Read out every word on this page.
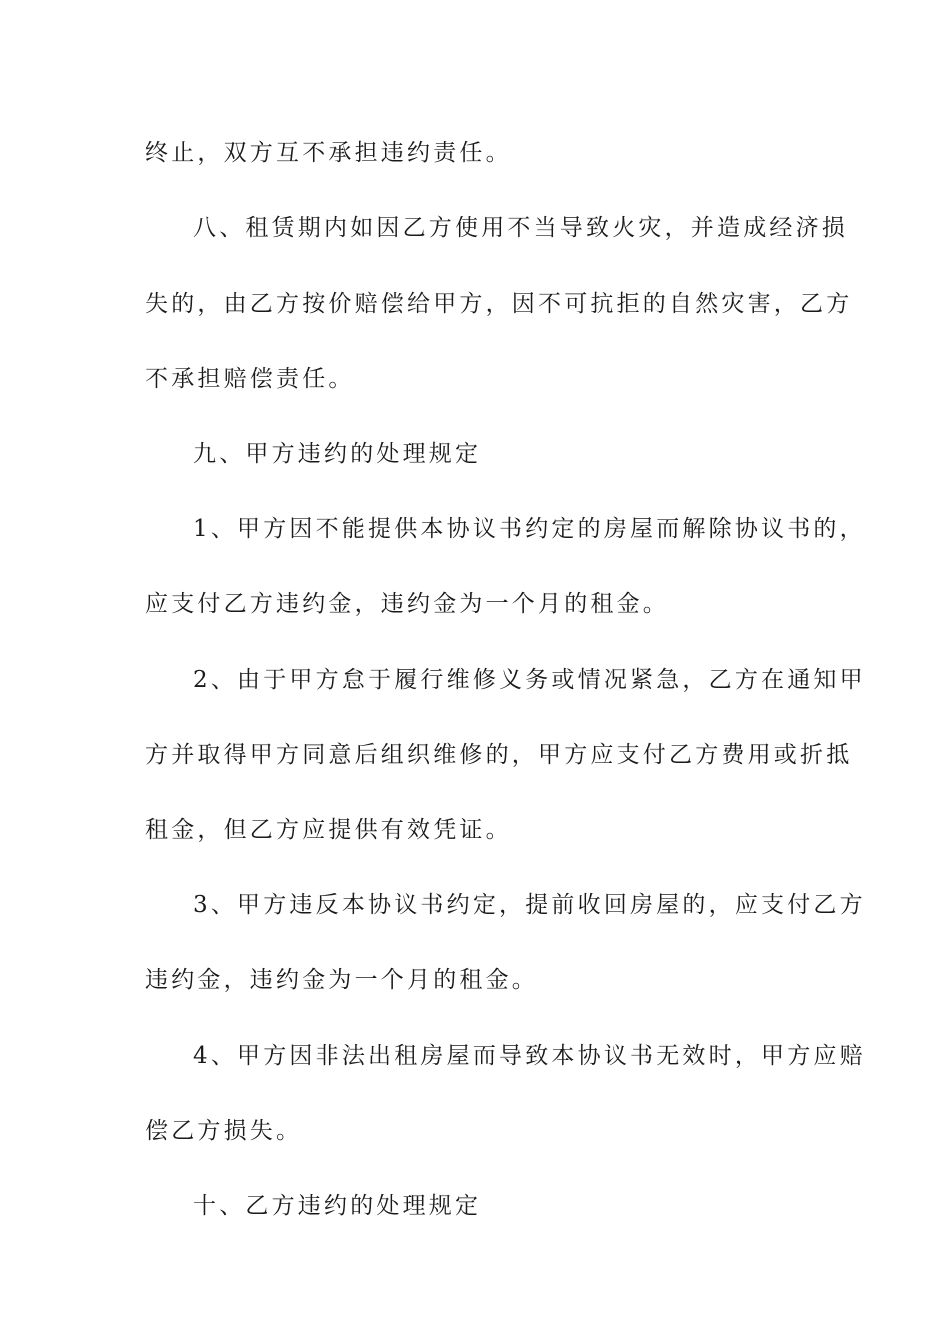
终止，双方互不承担违约责任。
八、租赁期内如因乙方使用不当导致火灾，并造成经济损
失的，由乙方按价赔偿给甲方，因不可抗拒的自然灾害，乙方
不承担赔偿责任。
九、甲方违约的处理规定
1、甲方因不能提供本协议书约定的房屋而解除协议书的，
应支付乙方违约金，违约金为一个月的租金。
2、由于甲方怠于履行维修义务或情况紧急，乙方在通知甲
方并取得甲方同意后组织维修的，甲方应支付乙方费用或折抵
租金，但乙方应提供有效凭证。
3、甲方违反本协议书约定，提前收回房屋的，应支付乙方
违约金，违约金为一个月的租金。
4、甲方因非法出租房屋而导致本协议书无效时，甲方应赔
偿乙方损失。
十、乙方违约的处理规定
